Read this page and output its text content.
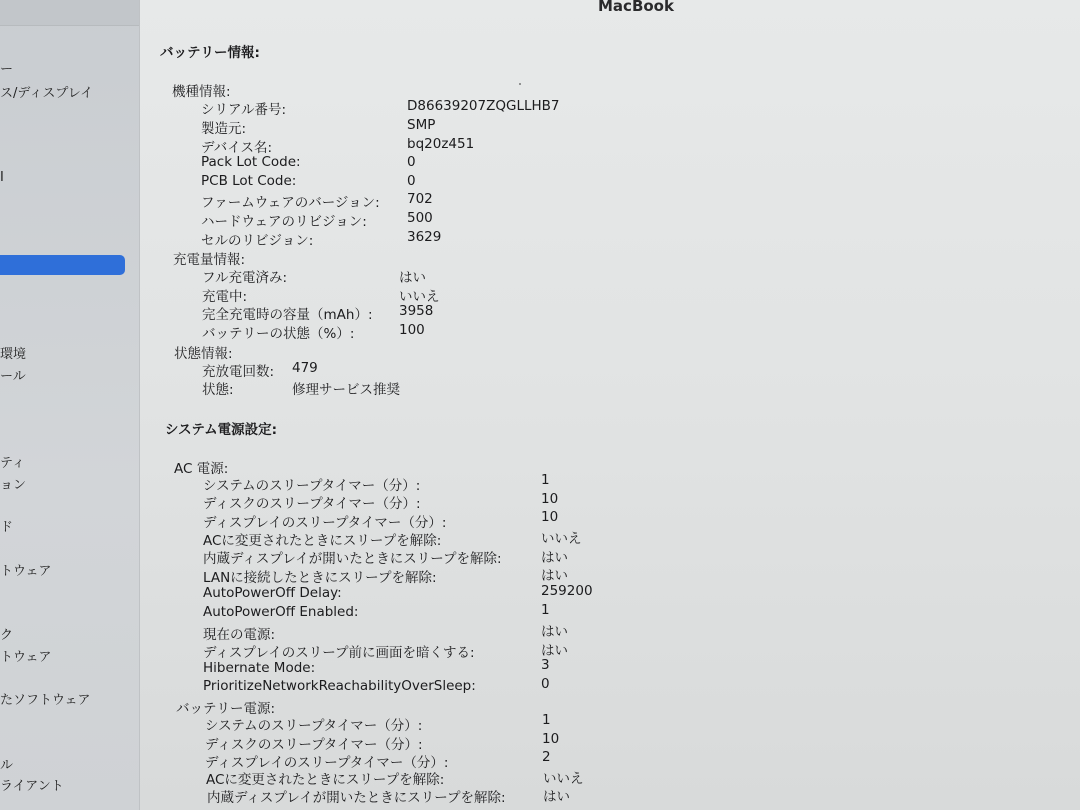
ー
ス/ディスプレイ
I
環境
ール
ティ
ョン
ド
トウェア
ク
トウェア
たソフトウェア
ル
ライアント
MacBook
バッテリー情報:
機種情報:
シリアル番号:	D86639207ZQGLLHB7
製造元:	SMP
デバイス名:	bq20z451
Pack Lot Code:	0
PCB Lot Code:	0
ファームウェアのバージョン: 702
ハードウェアのリビジョン:	500
セルのリビジョン:	3629
充電量情報:
フル充電済み:	はい
充電中:	いいえ
完全充電時の容量（mAh）: 3958
バッテリーの状態（%）:	100
状態情報:
充放電回数: 479
状態:	修理サービス推奨
システム電源設定:
AC 電源:
システムのスリープタイマー（分）:	1
ディスクのスリープタイマー（分）:	10
ディスプレイのスリープタイマー（分）:	10
ACに変更されたときにスリープを解除:	いいえ
内蔵ディスプレイが開いたときにスリープを解除:	はい
LANに接続したときにスリープを解除:	はい
AutoPowerOff Delay:	259200
AutoPowerOff Enabled:	1
現在の電源:	はい
ディスプレイのスリープ前に画面を暗くする:	はい
Hibernate Mode:	3
PrioritizeNetworkReachabilityOverSleep:	0
バッテリー電源:
システムのスリープタイマー（分）:	1
ディスクのスリープタイマー（分）:	10
ディスプレイのスリープタイマー（分）:	2
ACに変更されたときにスリープを解除:	いいえ
内蔵ディスプレイが開いたときにスリープを解除:	はい
